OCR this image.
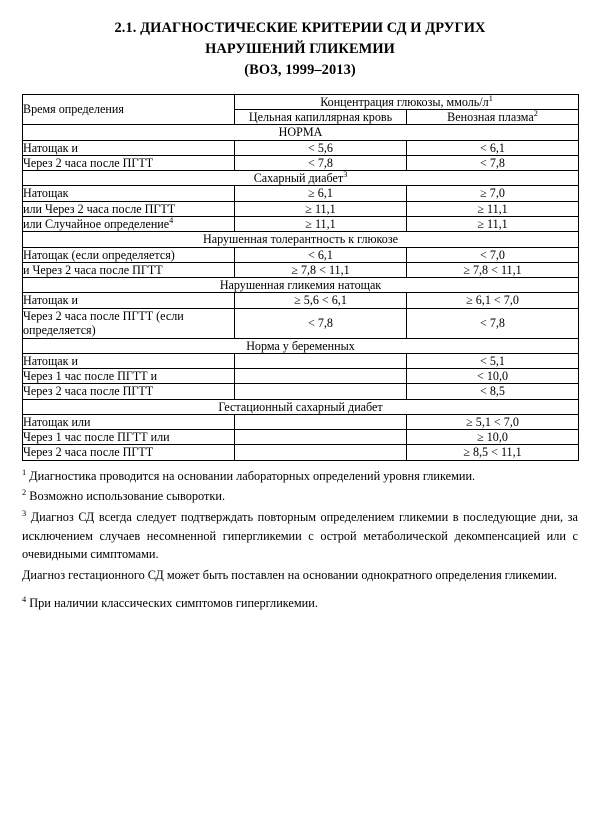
2.1. ДИАГНОСТИЧЕСКИЕ КРИТЕРИИ СД И ДРУГИХ
НАРУШЕНИЙ ГЛИКЕМИИ
(ВОЗ, 1999–2013)
Время определения	Концентрация глюкозы, ммоль/$л^1$
	Цельная капиллярная кровь	Венозная плазма$^2$
НОРМА		
Натощак и	< 5,6	< 6,1
Через 2 часа после ПГТТ	< 7,8	< 7,8
Сахарный диабет$^3$
Натощак	≥ 6,1	≥ 7,0
или Через 2 часа после ПГТТ	≥ 11,1	≥ 11,1
или Случайное определение$^4$	≥ 11,1	≥ 11,1
Нарушенная толерантность к глюкозе		
Натощак (если определяется)	< 6,1	< 7,0
и Через 2 часа после ПГТТ	≥ 7,8 < 11,1	≥ 7,8 < 11,1
Нарушенная гликемия натощак		
Натощак и	≥ 5,6 < 6,1	≥ 6,1 < 7,0
Через 2 часа после ПГТТ (если определяется)	< 7,8	< 7,8
Норма у беременных		
Натощак и		< 5,1
Через 1 час после ПГТТ и		< 10,0
Через 2 часа после ПГТТ		< 8,5
Гестационный сахарный диабет		
Натощак или		≥ 5,1 < 7,0
Через 1 час после ПГТТ или		≥ 10,0
Через 2 часа после ПГТТ		≥ 8,5 < 11,1
$^1$ Диагностика проводится на основании лабораторных определений уровня гликемии.
$^2$ Возможно использование сыворотки.
$^3$ Диагноз СД всегда следует подтверждать повторным определением гликемии в последующие дни, за исключением случаев несомненной гипергликемии с острой метаболической декомпенсацией или с очевидными симптомами.
Диагноз гестационного СД может быть поставлен на основании однократного определения гликемии.
$^4$ При наличии классических симптомов гипергликемии.
